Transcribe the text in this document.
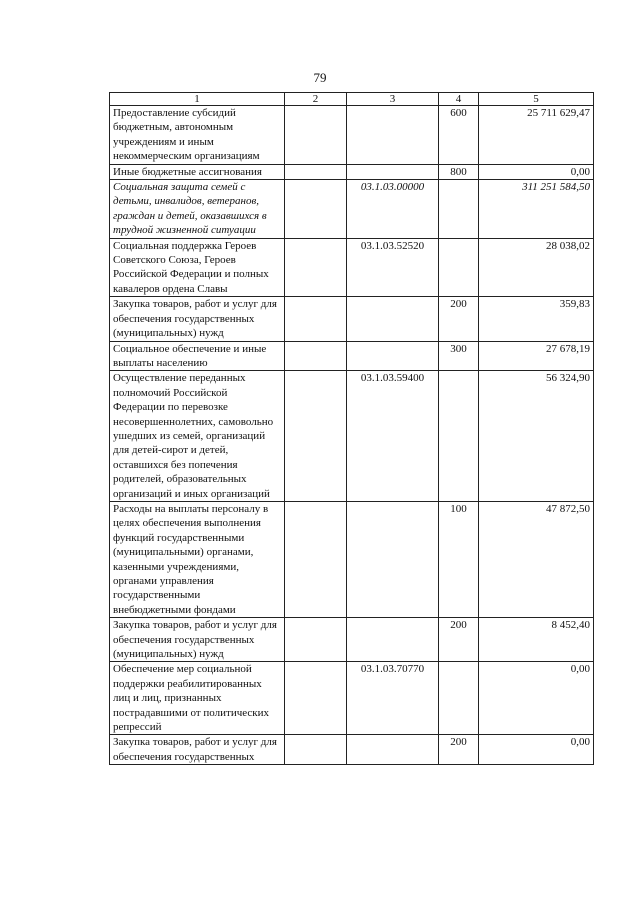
79
1	2	3	4	5
Предоставление субсидий бюджетным, автономным учреждениям и иным некоммерческим организациям			600	25 711 629,47
Иные бюджетные ассигнования			800	0,00
Социальная защита семей с детьми, инвалидов, ветеранов, граждан и детей, оказавшихся в трудной жизненной ситуации		03.1.03.00000		311 251 584,50
Социальная поддержка Героев Советского Союза, Героев Российской Федерации и полных кавалеров ордена Славы		03.1.03.52520		28 038,02
Закупка товаров, работ и услуг для обеспечения государственных (муниципальных) нужд			200	359,83
Социальное обеспечение и иные выплаты населению			300	27 678,19
Осуществление переданных полномочий Российской Федерации по перевозке несовершеннолетних, самовольно ушедших из семей, организаций для детей-сирот и детей, оставшихся без попечения родителей, образовательных организаций и иных организаций		03.1.03.59400		56 324,90
Расходы на выплаты персоналу в целях обеспечения выполнения функций государственными (муниципальными) органами, казенными учреждениями, органами управления государственными внебюджетными фондами			100	47 872,50
Закупка товаров, работ и услуг для обеспечения государственных (муниципальных) нужд			200	8 452,40
Обеспечение мер социальной поддержки реабилитированных лиц и лиц, признанных пострадавшими от политических репрессий		03.1.03.70770		0,00
Закупка товаров, работ и услуг для обеспечения государственных			200	0,00
